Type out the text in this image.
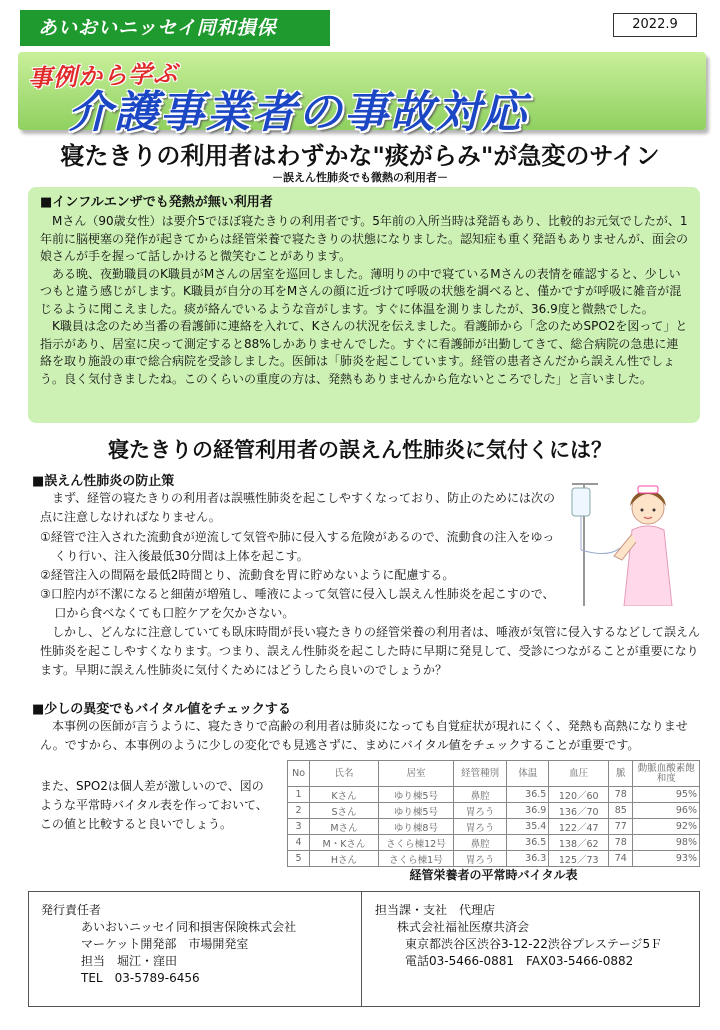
あいおいニッセイ同和損保	2022.9
事例から学ぶ
介護事業者の事故対応
寝たきりの利用者はわずかな"痰がらみ"が急変のサイン
－誤えん性肺炎でも微熱の利用者－
■インフルエンザでも発熱が無い利用者

Mさん（90歳女性）は要介5でほぼ寝たきりの利用者です。5年前の入所当時は発語もあり、比較的お元気でしたが、1年前に脳梗塞の発作が起きてからは経管栄養で寝たきりの状態になりました。認知症も重く発語もありませんが、面会の娘さんが手を握って話しかけると微笑むことがあります。

ある晩、夜勤職員のK職員がMさんの居室を巡回しました。薄明りの中で寝ているMさんの表情を確認すると、少しいつもと違う感じがします。K職員が自分の耳をMさんの顔に近づけて呼吸の状態を調べると、僅かですが呼吸に雑音が混じるように聞こえました。痰が絡んでいるような音がします。すぐに体温を測りましたが、36.9度と微熱でした。

K職員は念のため当番の看護師に連絡を入れて、Kさんの状況を伝えました。看護師から「念のためSPO2を図って」と指示があり、居室に戻って測定すると88%しかありませんでした。すぐに看護師が出勤してきて、総合病院の急患に連絡を取り施設の車で総合病院を受診しました。医師は「肺炎を起こしています。経管の患者さんだから誤えん性でしょう。良く気付きましたね。このくらいの重度の方は、発熱もありませんから危ないところでした」と言いました。

寝たきりの経管利用者の誤えん性肺炎に気付くには？
■誤えん性肺炎の防止策

まず、経管の寝たきりの利用者は誤嚥性肺炎を起こしやすくなっており、防止のためには次の点に注意しなければなりません。

①経管で注入された流動食が逆流して気管や肺に侵入する危険があるので、流動食の注入をゆっくり行い、注入後最低30分間は上体を起こす。

②経管注入の間隔を最低2時間とり、流動食を胃に貯めないように配慮する。

③口腔内が不潔になると細菌が増殖し、唾液によって気管に侵入し誤えん性肺炎を起こすので、口から食べなくても口腔ケアを欠かさない。

しかし、どんなに注意していても臥床時間が長い寝たきりの経管栄養の利用者は、唾液が気管に侵入するなどして誤えん性肺炎を起こしやすくなります。つまり、誤えん性肺炎を起こした時に早期に発見して、受診につながることが重要になります。早期に誤えん性肺炎に気付くためにはどうしたら良いのでしょうか？

■少しの異変でもバイタル値をチェックする

本事例の医師が言うように、寝たきりで高齢の利用者は肺炎になっても自覚症状が現れにくく、発熱も高熱になりません。ですから、本事例のように少しの変化でも見逃さずに、まめにバイタル値をチェックすることが重要です。

また、SPO2は個人差が激しいので、図のような平常時バイタル表を作っておいて、この値と比較すると良いでしょう。
No	氏名	居室	経管種別	体温	血圧	脈	動脈血酸素飽和度
1	Kさん	ゆり棟5号	鼻腔	36.5	120／60	78	95%
2	Sさん	ゆり棟5号	胃ろう	36.9	136／70	85	96%
3	Mさん	ゆり棟8号	胃ろう	35.4	122／47	77	92%
4	M・Kさん	さくら棟12号	鼻腔	36.5	138／62	78	98%
5	Hさん	さくら棟1号	胃ろう	36.3	125／73	74	93%
経管栄養者の平常時バイタル表
発行責任者
あいおいニッセイ同和損害保険株式会社
マーケット開発部　市場開発室
担当　堀江・窪田
TEL　03-5789-6456
担当課・支社　代理店
株式会社福祉医療共済会
東京都渋谷区渋谷3-12-22渋谷プレステージ5Ｆ
電話03-5466-0881　FAX03-5466-0882
